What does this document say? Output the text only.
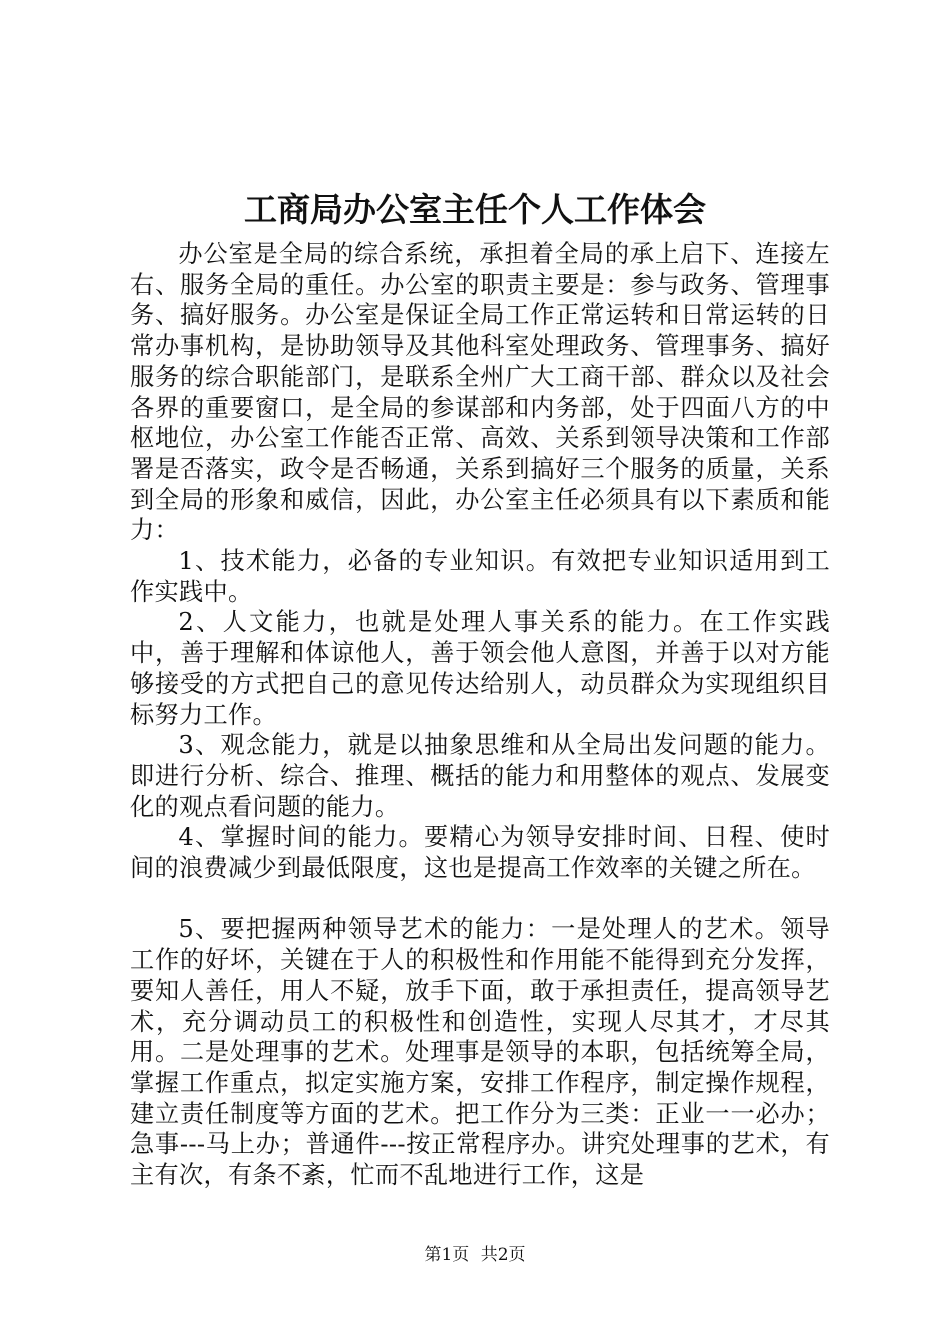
工商局办公室主任个人工作体会

办公室是全局的综合系统，承担着全局的承上启下、连接左右、服务全局的重任。办公室的职责主要是：参与政务、管理事务、搞好服务。办公室是保证全局工作正常运转和日常运转的日常办事机构，是协助领导及其他科室处理政务、管理事务、搞好服务的综合职能部门，是联系全州广大工商干部、群众以及社会各界的重要窗口，是全局的参谋部和内务部，处于四面八方的中枢地位，办公室工作能否正常、高效、关系到领导决策和工作部署是否落实，政令是否畅通，关系到搞好三个服务的质量，关系到全局的形象和威信，因此，办公室主任必须具有以下素质和能力：

1、技术能力，必备的专业知识。有效把专业知识适用到工作实践中。

2、人文能力，也就是处理人事关系的能力。在工作实践中，善于理解和体谅他人，善于领会他人意图，并善于以对方能够接受的方式把自己的意见传达给别人，动员群众为实现组织目标努力工作。

3、观念能力，就是以抽象思维和从全局出发问题的能力。即进行分析、综合、推理、概括的能力和用整体的观点、发展变化的观点看问题的能力。

4、掌握时间的能力。要精心为领导安排时间、日程、使时间的浪费减少到最低限度，这也是提高工作效率的关键之所在。

5、要把握两种领导艺术的能力：一是处理人的艺术。领导工作的好坏，关键在于人的积极性和作用能不能得到充分发挥，要知人善任，用人不疑，放手下面，敢于承担责任，提高领导艺术，充分调动员工的积极性和创造性，实现人尽其才，才尽其用。二是处理事的艺术。处理事是领导的本职，包括统筹全局，掌握工作重点，拟定实施方案，安排工作程序，制定操作规程，建立责任制度等方面的艺术。把工作分为三类：正业一一必办；急事---马上办；普通件---按正常程序办。讲究处理事的艺术，有主有次，有条不紊，忙而不乱地进行工作，这是

第1页 共2页
